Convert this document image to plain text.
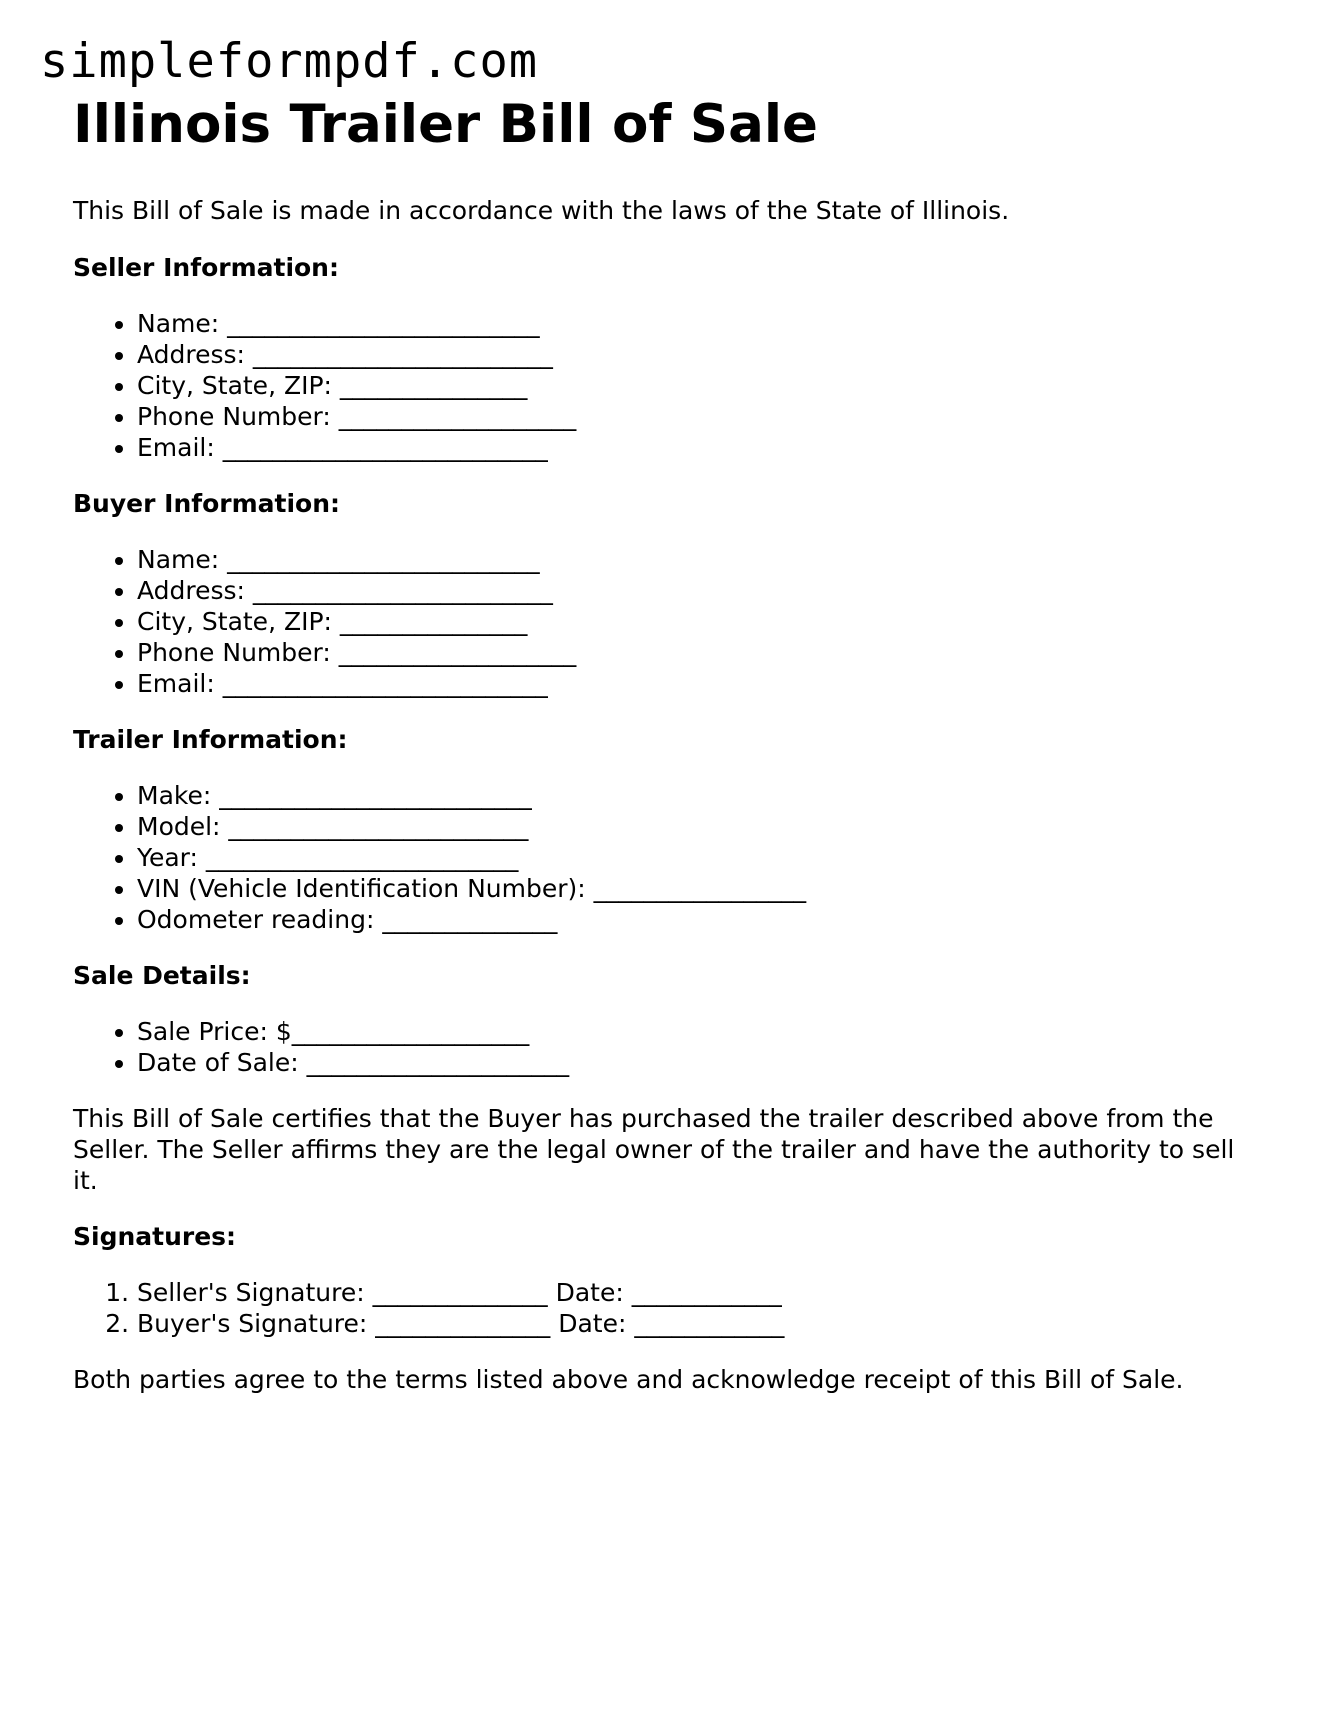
simpleformpdf.com
Illinois Trailer Bill of Sale

This Bill of Sale is made in accordance with the laws of the State of Illinois.

Seller Information:
• Name: _________________________
• Address: ________________________
• City, State, ZIP: _______________
• Phone Number: ___________________
• Email: __________________________
Buyer Information:
• Name: _________________________
• Address: ________________________
• City, State, ZIP: _______________
• Phone Number: ___________________
• Email: __________________________
Trailer Information:
• Make: _________________________
• Model: ________________________
• Year: _________________________
• VIN (Vehicle Identification Number): _________________
• Odometer reading: ______________
Sale Details:
• Sale Price: $___________________
• Date of Sale: _____________________

This Bill of Sale certifies that the Buyer has purchased the trailer described above from the Seller. The Seller affirms they are the legal owner of the trailer and have the authority to sell it.

Signatures:
1. Seller's Signature: ______________ Date: ____________
2. Buyer's Signature: ______________ Date: ____________

Both parties agree to the terms listed above and acknowledge receipt of this Bill of Sale.
